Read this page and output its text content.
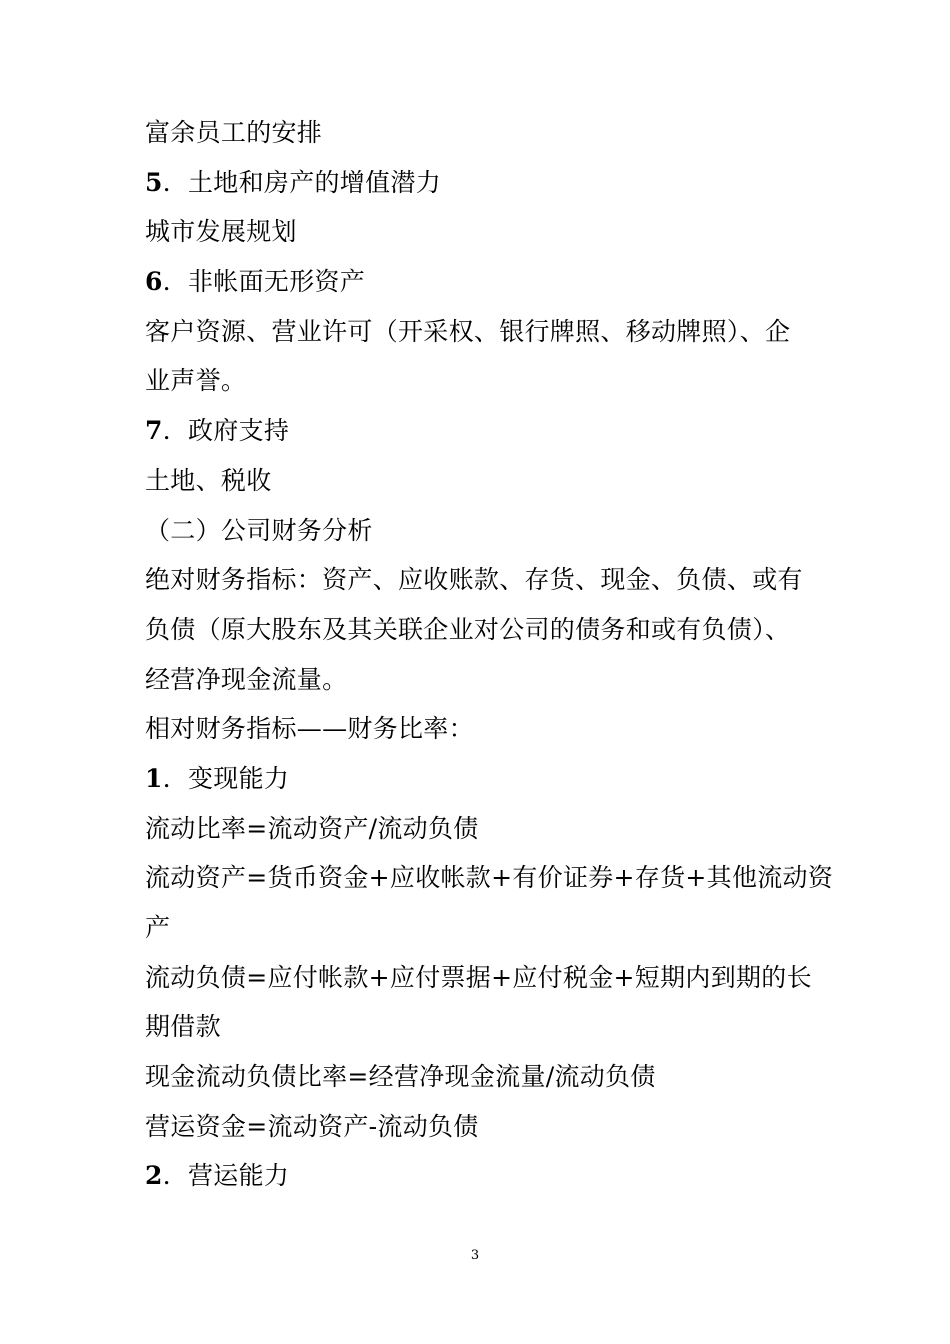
富余员工的安排
5．土地和房产的增值潜力
城市发展规划
6．非帐面无形资产
客户资源、营业许可（开采权、银行牌照、移动牌照）、企
业声誉。
7．政府支持
土地、税收
（二）公司财务分析
绝对财务指标：资产、应收账款、存货、现金、负债、或有
负债（原大股东及其关联企业对公司的债务和或有负债）、
经营净现金流量。
相对财务指标——财务比率：
1．变现能力
流动比率=流动资产/流动负债
流动资产=货币资金+应收帐款+有价证券+存货+其他流动资
产
流动负债=应付帐款+应付票据+应付税金+短期内到期的长
期借款
现金流动负债比率=经营净现金流量/流动负债
营运资金=流动资产-流动负债
2．营运能力
3
